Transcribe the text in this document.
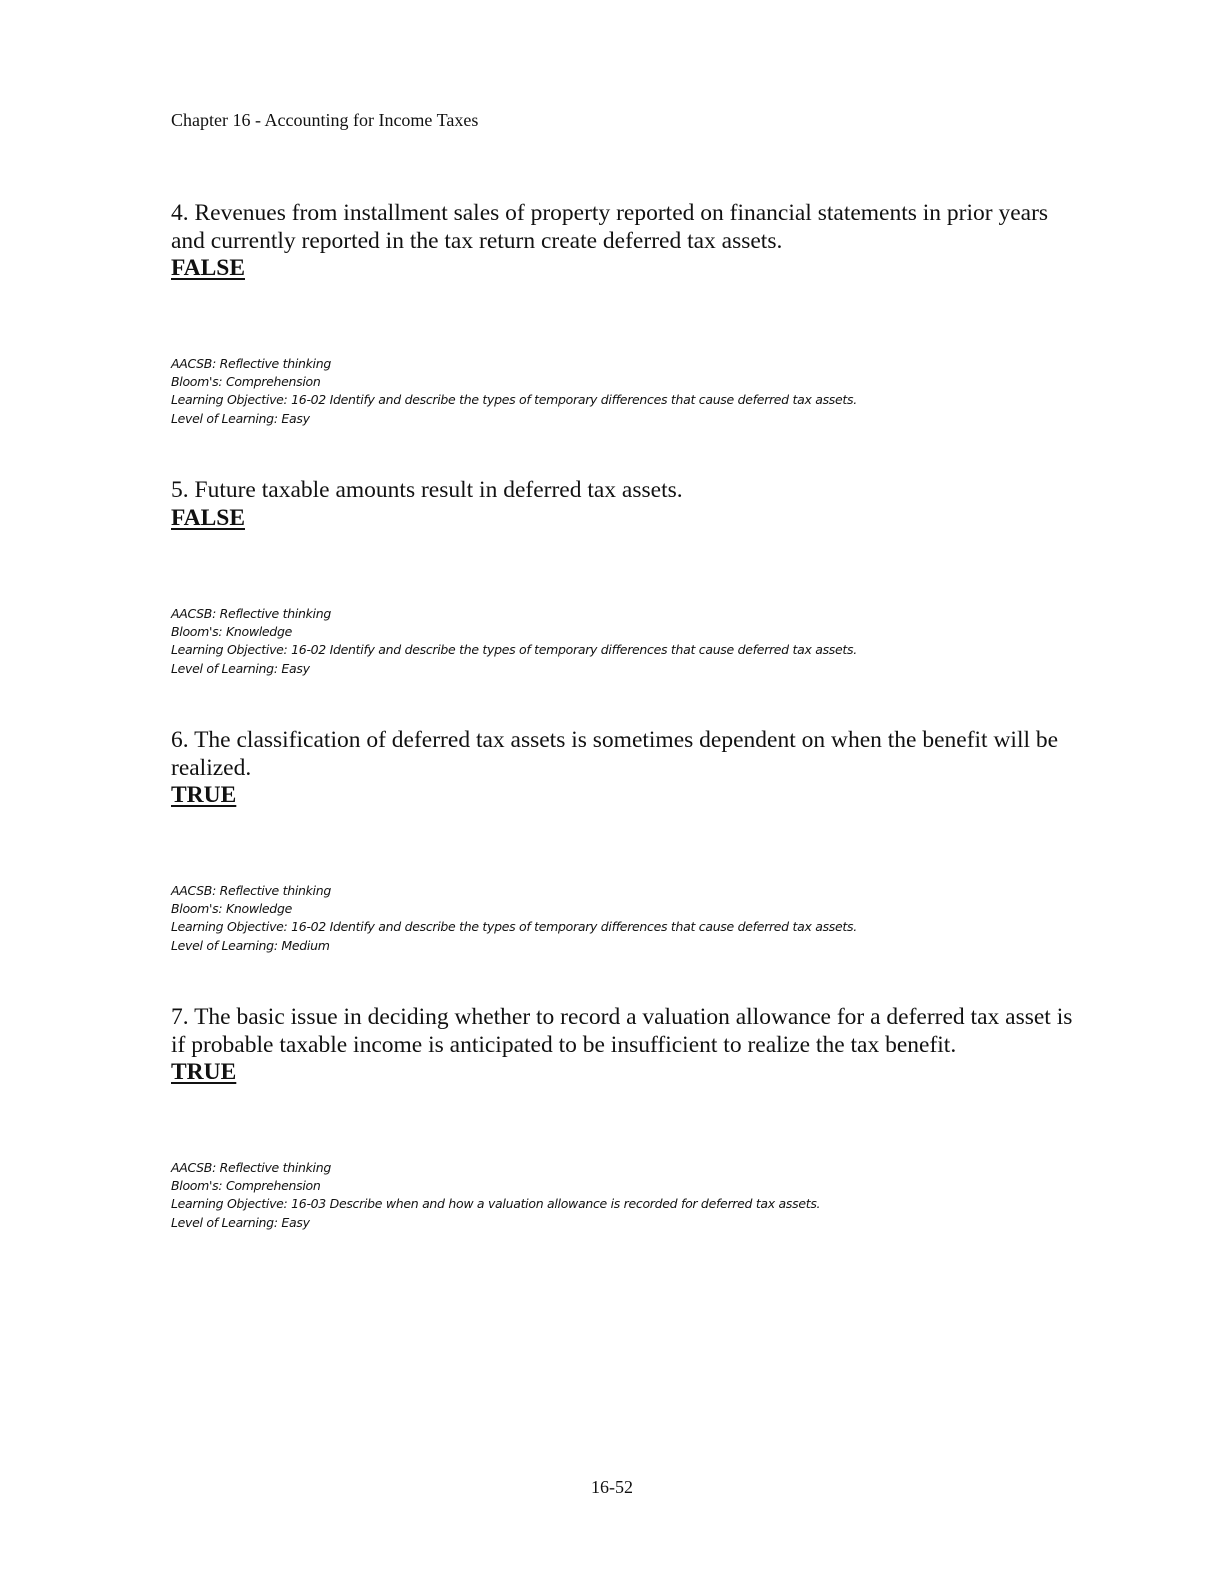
Chapter 16 - Accounting for Income Taxes

4. Revenues from installment sales of property reported on financial statements in prior years and currently reported in the tax return create deferred tax assets.

FALSE

AACSB: Reflective thinking
Bloom's: Comprehension
Learning Objective: 16-02 Identify and describe the types of temporary differences that cause deferred tax assets.
Level of Learning: Easy

5. Future taxable amounts result in deferred tax assets.

FALSE

AACSB: Reflective thinking
Bloom's: Knowledge
Learning Objective: 16-02 Identify and describe the types of temporary differences that cause deferred tax assets.
Level of Learning: Easy

6. The classification of deferred tax assets is sometimes dependent on when the benefit will be realized.

TRUE

AACSB: Reflective thinking
Bloom's: Knowledge
Learning Objective: 16-02 Identify and describe the types of temporary differences that cause deferred tax assets.
Level of Learning: Medium

7. The basic issue in deciding whether to record a valuation allowance for a deferred tax asset is if probable taxable income is anticipated to be insufficient to realize the tax benefit.

TRUE

AACSB: Reflective thinking
Bloom's: Comprehension
Learning Objective: 16-03 Describe when and how a valuation allowance is recorded for deferred tax assets.
Level of Learning: Easy
16-52
